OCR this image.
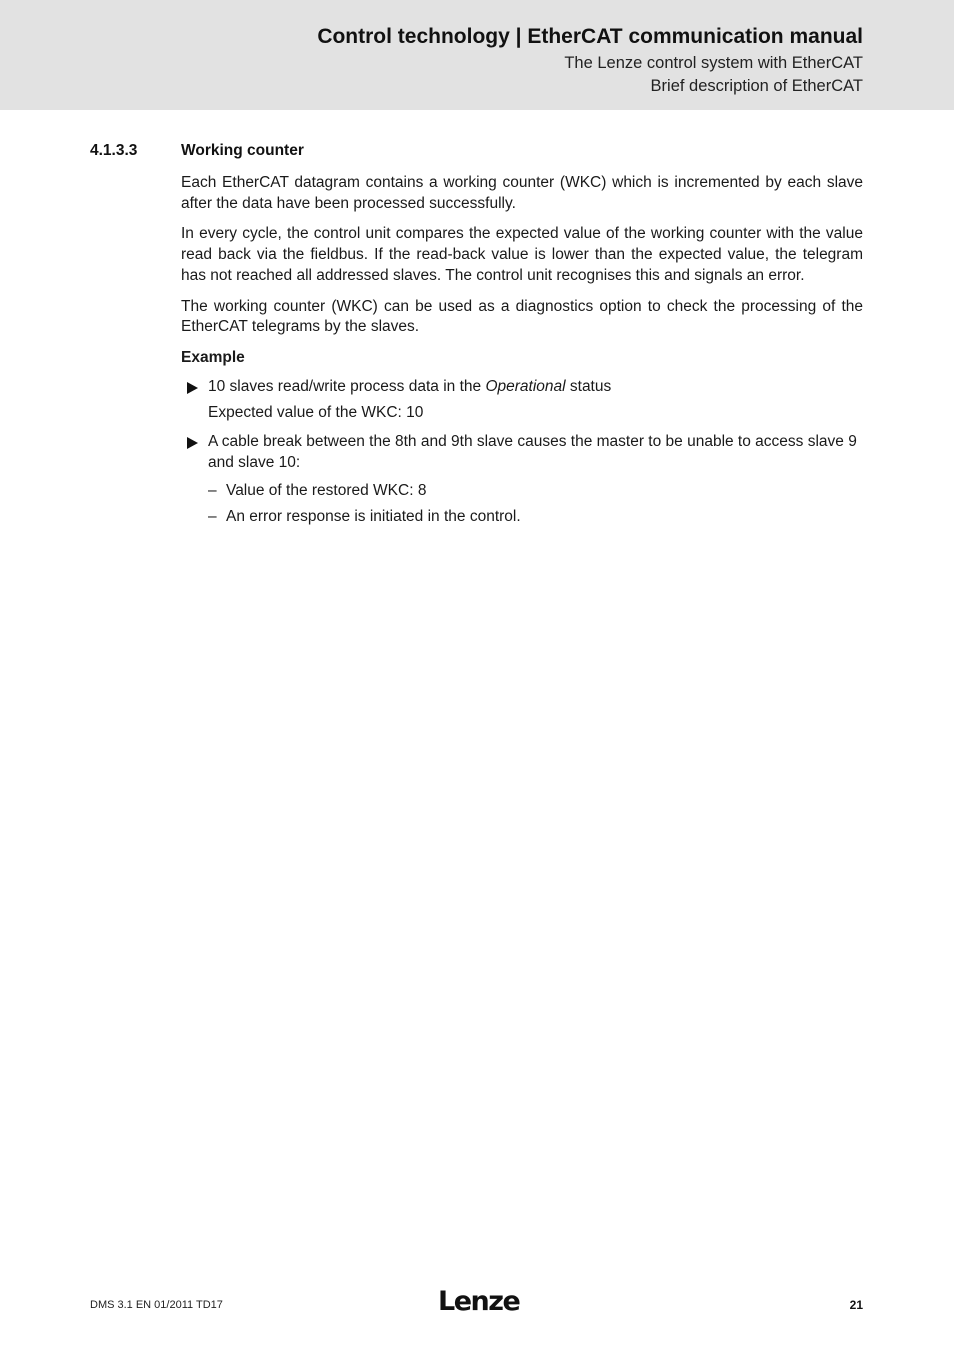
Control technology | EtherCAT communication manual
The Lenze control system with EtherCAT
Brief description of EtherCAT
4.1.3.3	Working counter

Each EtherCAT datagram contains a working counter (WKC) which is incremented by each slave after the data have been processed successfully.

In every cycle, the control unit compares the expected value of the working counter with the value read back via the fieldbus. If the read-back value is lower than the expected value, the telegram has not reached all addressed slaves. The control unit recognises this and signals an error.

The working counter (WKC) can be used as a diagnostics option to check the processing of the EtherCAT telegrams by the slaves.

Example
10 slaves read/write process data in the Operational status
Expected value of the WKC: 10
A cable break between the 8th and 9th slave causes the master to be unable to access slave 9 and slave 10:
– Value of the restored WKC: 8
– An error response is initiated in the control.
DMS 3.1 EN 01/2011 TD17	Lenze	21
